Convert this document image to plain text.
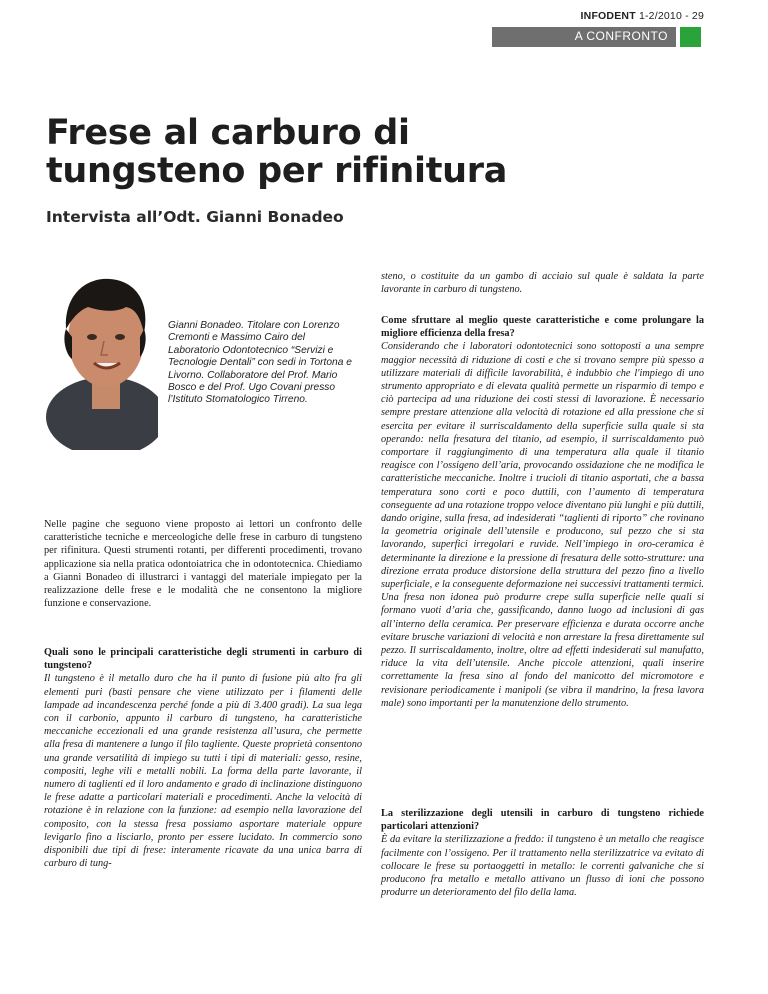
INFODENT 1-2/2010 - 29
A CONFRONTO
Frese al carburo di tungsteno per rifinitura
Intervista all’Odt. Gianni Bonadeo
Gianni Bonadeo. Titolare con Lorenzo Cremonti e Massimo Cairo del Laboratorio Odontotecnico “Servizi e Tecnologie Dentali” con sedi in Tortona e Livorno. Collaboratore del Prof. Mario Bosco e del Prof. Ugo Covani presso l’Istituto Stomatologico Tirreno.

Nelle pagine che seguono viene proposto ai lettori un confronto delle caratteristiche tecniche e merceologiche delle frese in carburo di tungsteno per rifinitura. Questi strumenti rotanti, per differenti procedimenti, trovano applicazione sia nella pratica odontoiatrica che in odontotecnica. Chiediamo a Gianni Bonadeo di illustrarci i vantaggi del materiale impiegato per la realizzazione delle frese e le modalità che ne consentono la migliore funzione e conservazione.

Quali sono le principali caratteristiche degli strumenti in carburo di tungsteno?

Il tungsteno è il metallo duro che ha il punto di fusione più alto fra gli elementi puri (basti pensare che viene utilizzato per i filamenti delle lampade ad incandescenza perché fonde a più di 3.400 gradi). La sua lega con il carbonio, appunto il carburo di tungsteno, ha caratteristiche meccaniche eccezionali ed una grande resistenza all’usura, che permette alla fresa di mantenere a lungo il filo tagliente. Queste proprietà consentono una grande versatilità di impiego su tutti i tipi di materiali: gesso, resine, compositi, leghe vili e metalli nobili. La forma della parte lavorante, il numero di taglienti ed il loro andamento e grado di inclinazione distinguono le frese adatte a particolari materiali e procedimenti. Anche la velocità di rotazione è in relazione con la funzione: ad esempio nella lavorazione del composito, con la stessa fresa possiamo asportare materiale oppure levigarlo fino a lisciarlo, pronto per essere lucidato. In commercio sono disponibili due tipi di frese: interamente ricavate da una unica barra di carburo di tung-

steno, o costituite da un gambo di acciaio sul quale è saldata la parte lavorante in carburo di tungsteno.

Come sfruttare al meglio queste caratteristiche e come prolungare la migliore efficienza della fresa?

Considerando che i laboratori odontotecnici sono sottoposti a una sempre maggior necessità di riduzione di costi e che si trovano sempre più spesso a utilizzare materiali di difficile lavorabilità, è indubbio che l'impiego di uno strumento appropriato e di elevata qualità permette un risparmio di tempo e ciò partecipa ad una riduzione dei costi stessi di lavorazione. È necessario sempre prestare attenzione alla velocità di rotazione ed alla pressione che si esercita per evitare il surriscaldamento della superficie sulla quale si sta operando: nella fresatura del titanio, ad esempio, il surriscaldamento può comportare il raggiungimento di una temperatura alla quale il titanio reagisce con l’ossigeno dell’aria, provocando ossidazione che ne modifica le caratteristiche meccaniche. Inoltre i trucioli di titanio asportati, che a bassa temperatura sono corti e poco duttili, con l’aumento di temperatura conseguente ad una rotazione troppo veloce diventano più lunghi e più duttili, dando origine, sulla fresa, ad indesiderati “taglienti di riporto” che rovinano la geometria originale dell’utensile e producono, sul pezzo che si sta lavorando, superfici irregolari e ruvide. Nell’impiego in oro-ceramica è determinante la direzione e la pressione di fresatura delle sotto-strutture: una direzione errata produce distorsione della struttura del pezzo fino a livello superficiale, e la conseguente deformazione nei successivi trattamenti termici. Una fresa non idonea può produrre crepe sulla superficie nelle quali si formano vuoti d’aria che, gassificando, danno luogo ad inclusioni di gas all’interno della ceramica. Per preservare efficienza e durata occorre anche evitare brusche variazioni di velocità e non arrestare la fresa direttamente sul pezzo. Il surriscaldamento, inoltre, oltre ad effetti indesiderati sul manufatto, riduce la vita dell’utensile. Anche piccole attenzioni, quali inserire correttamente la fresa sino al fondo del manicotto del micromotore e revisionare periodicamente i manipoli (se vibra il mandrino, la fresa lavora male) sono importanti per la manutenzione dello strumento.

La sterilizzazione degli utensili in carburo di tungsteno richiede particolari attenzioni?

È da evitare la sterilizzazione a freddo: il tungsteno è un metallo che reagisce facilmente con l’ossigeno. Per il trattamento nella sterilizzatrice va evitato di collocare le frese su portaoggetti in metallo: le correnti galvaniche che si producono fra metallo e metallo attivano un flusso di ioni che possono produrre un deterioramento del filo della lama.
